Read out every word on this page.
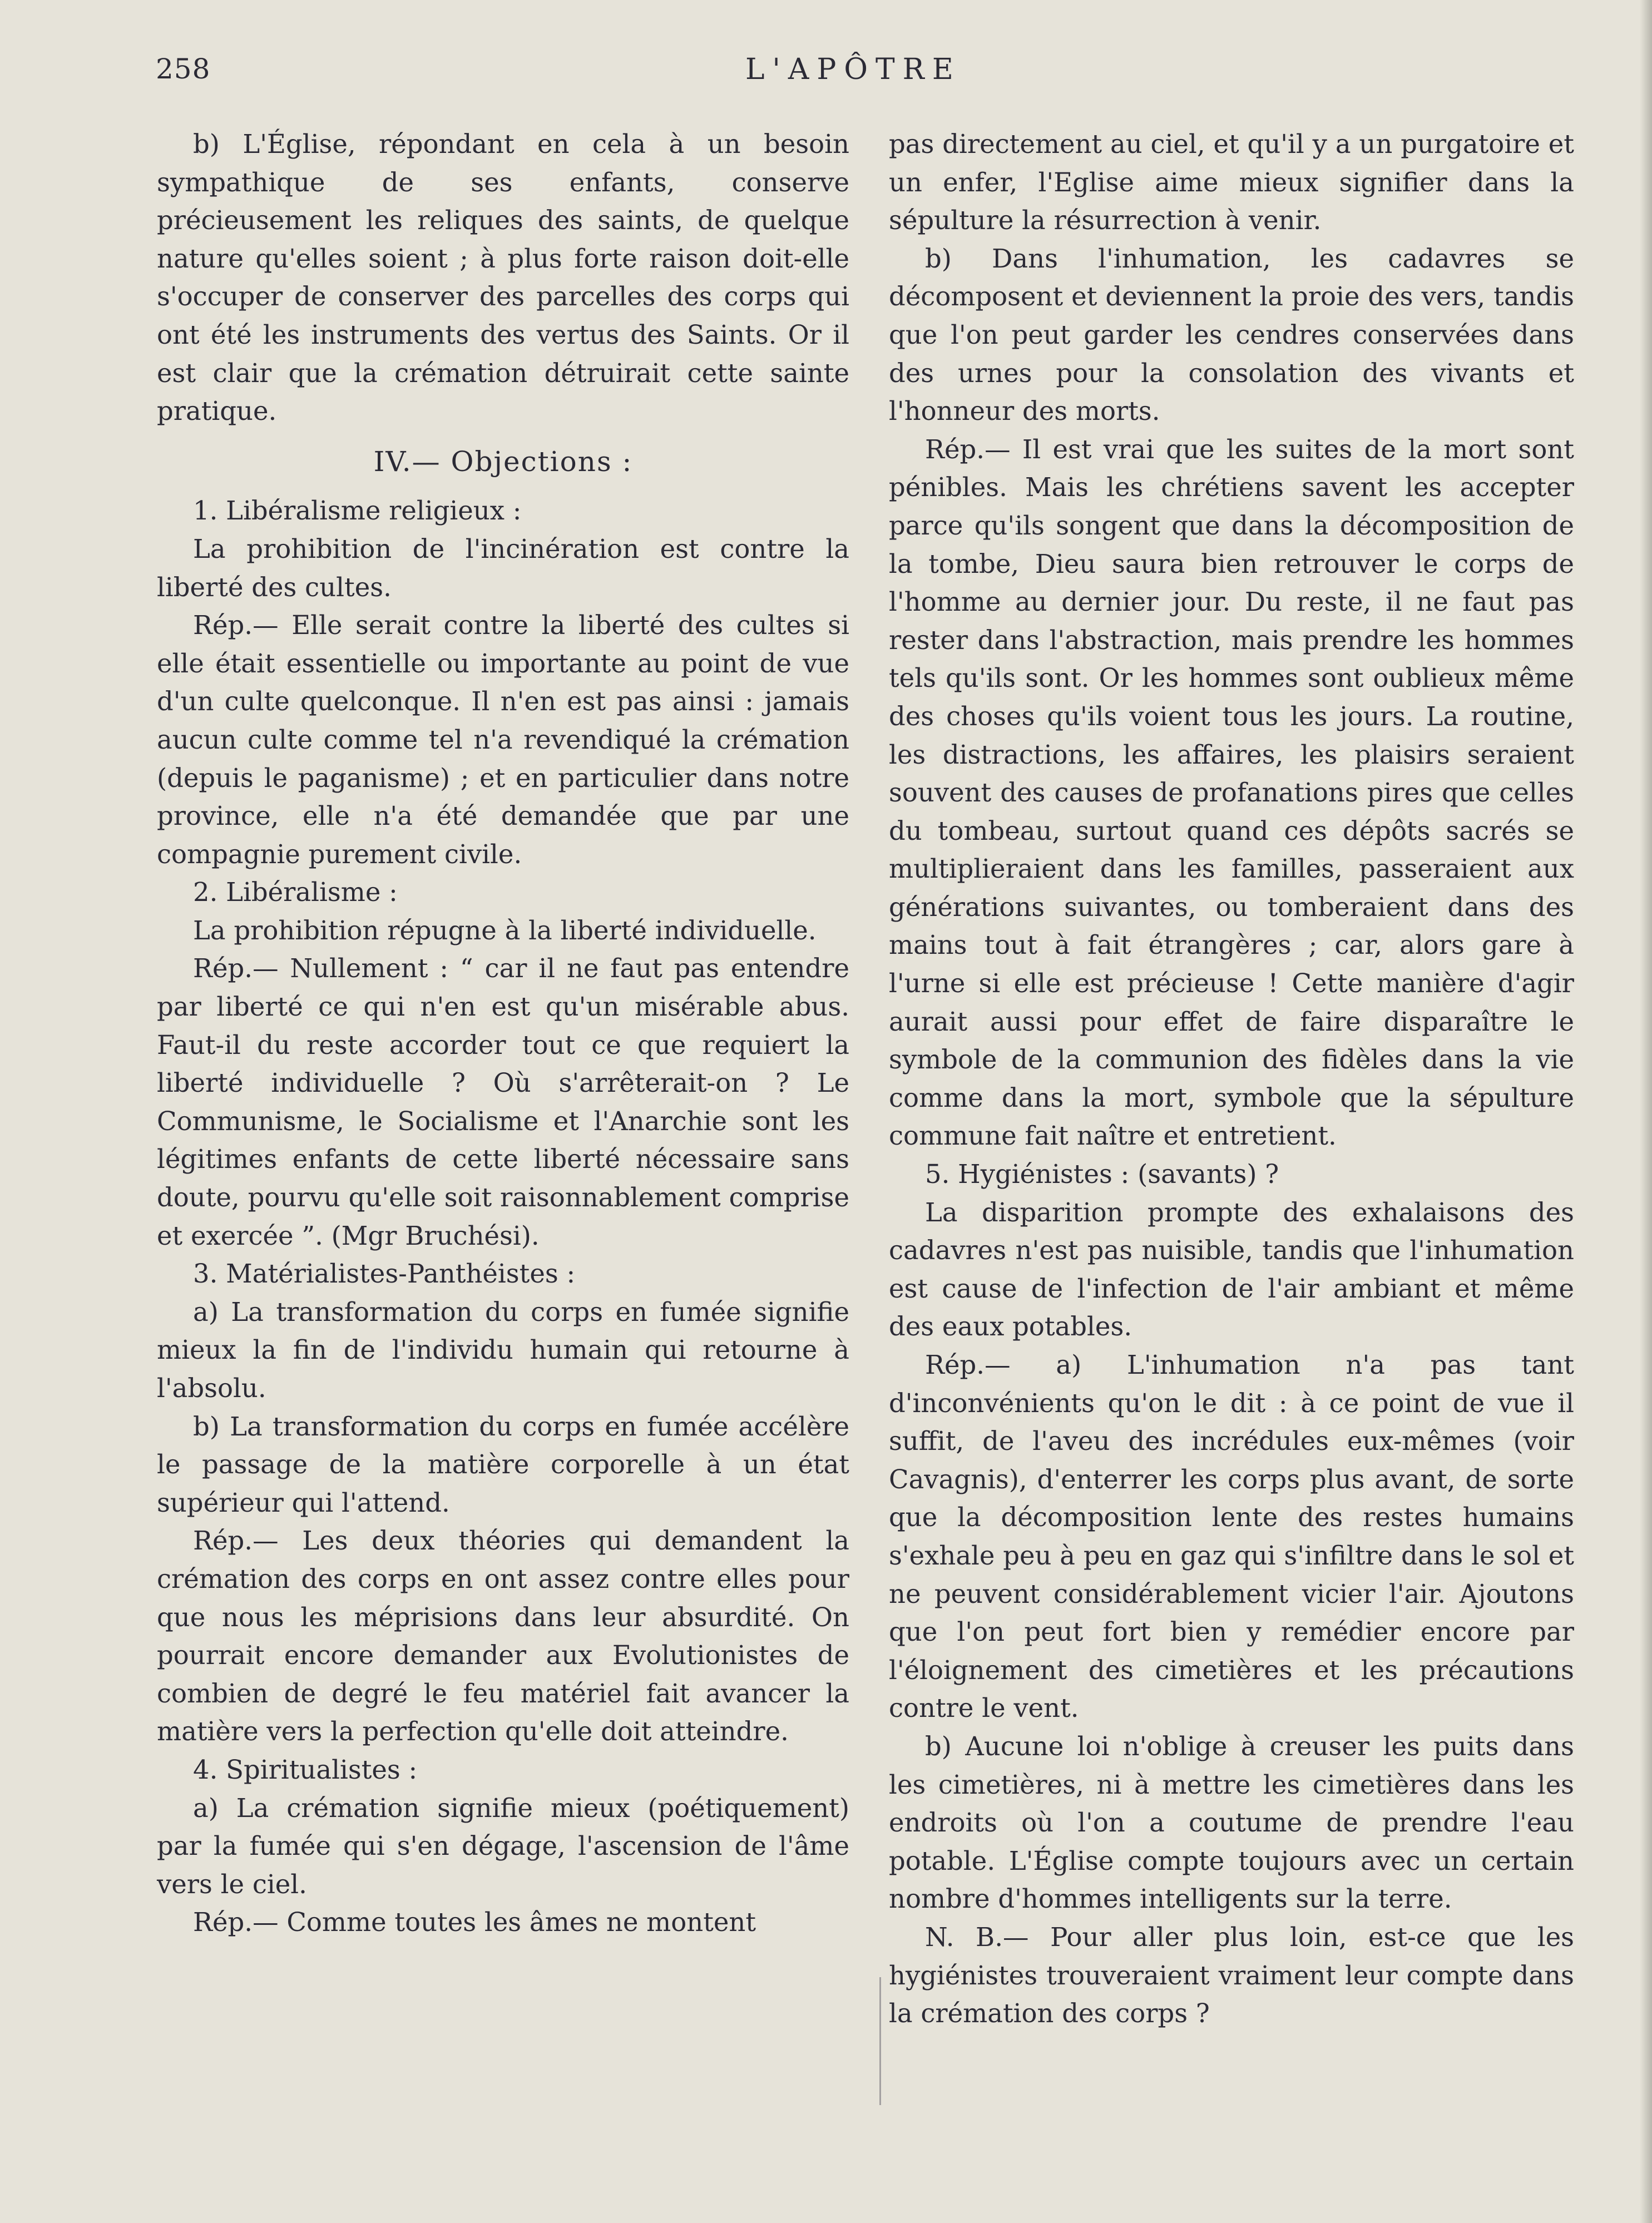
258	L'APÔTRE

b) L'Église, répondant en cela à un besoin sympathique de ses enfants, conserve précieusement les reliques des saints, de quelque nature qu'elles soient ; à plus forte raison doit-elle s'occuper de conserver des parcelles des corps qui ont été les instruments des vertus des Saints. Or il est clair que la crémation détruirait cette sainte pratique.

IV.— Objections :

1. Libéralisme religieux :

La prohibition de l'incinération est contre la liberté des cultes.

Rép.— Elle serait contre la liberté des cultes si elle était essentielle ou importante au point de vue d'un culte quelconque. Il n'en est pas ainsi : jamais aucun culte comme tel n'a revendiqué la crémation (depuis le paganisme) ; et en particulier dans notre province, elle n'a été demandée que par une compagnie purement civile.

2. Libéralisme :

La prohibition répugne à la liberté individuelle.

Rép.— Nullement : “ car il ne faut pas entendre par liberté ce qui n'en est qu'un misérable abus. Faut-il du reste accorder tout ce que requiert la liberté individuelle ? Où s'arrêterait-on ? Le Communisme, le Socialisme et l'Anarchie sont les légitimes enfants de cette liberté nécessaire sans doute, pourvu qu'elle soit raisonnablement comprise et exercée ”. (Mgr Bruchési).

3. Matérialistes-Panthéistes :

a) La transformation du corps en fumée signifie mieux la fin de l'individu humain qui retourne à l'absolu.

b) La transformation du corps en fumée accélère le passage de la matière corporelle à un état supérieur qui l'attend.

Rép.— Les deux théories qui demandent la crémation des corps en ont assez contre elles pour que nous les méprisions dans leur absurdité. On pourrait encore demander aux Evolutionistes de combien de degré le feu matériel fait avancer la matière vers la perfection qu'elle doit atteindre.

4. Spiritualistes :

a) La crémation signifie mieux (poétiquement) par la fumée qui s'en dégage, l'ascension de l'âme vers le ciel.

Rép.— Comme toutes les âmes ne montent

pas directement au ciel, et qu'il y a un purgatoire et un enfer, l'Eglise aime mieux signifier dans la sépulture la résurrection à venir.

b) Dans l'inhumation, les cadavres se décomposent et deviennent la proie des vers, tandis que l'on peut garder les cendres conservées dans des urnes pour la consolation des vivants et l'honneur des morts.

Rép.— Il est vrai que les suites de la mort sont pénibles. Mais les chrétiens savent les accepter parce qu'ils songent que dans la décomposition de la tombe, Dieu saura bien retrouver le corps de l'homme au dernier jour. Du reste, il ne faut pas rester dans l'abstraction, mais prendre les hommes tels qu'ils sont. Or les hommes sont oublieux même des choses qu'ils voient tous les jours. La routine, les distractions, les affaires, les plaisirs seraient souvent des causes de profanations pires que celles du tombeau, surtout quand ces dépôts sacrés se multiplieraient dans les familles, passeraient aux générations suivantes, ou tomberaient dans des mains tout à fait étrangères ; car, alors gare à l'urne si elle est précieuse ! Cette manière d'agir aurait aussi pour effet de faire disparaître le symbole de la communion des fidèles dans la vie comme dans la mort, symbole que la sépulture commune fait naître et entretient.

5. Hygiénistes : (savants) ?

La disparition prompte des exhalaisons des cadavres n'est pas nuisible, tandis que l'inhumation est cause de l'infection de l'air ambiant et même des eaux potables.

Rép.— a) L'inhumation n'a pas tant d'inconvénients qu'on le dit : à ce point de vue il suffit, de l'aveu des incrédules eux-mêmes (voir Cavagnis), d'enterrer les corps plus avant, de sorte que la décomposition lente des restes humains s'exhale peu à peu en gaz qui s'infiltre dans le sol et ne peuvent considérablement vicier l'air. Ajoutons que l'on peut fort bien y remédier encore par l'éloignement des cimetières et les précautions contre le vent.

b) Aucune loi n'oblige à creuser les puits dans les cimetières, ni à mettre les cimetières dans les endroits où l'on a coutume de prendre l'eau potable. L'Église compte toujours avec un certain nombre d'hommes intelligents sur la terre.

N. B.— Pour aller plus loin, est-ce que les hygiénistes trouveraient vraiment leur compte dans la crémation des corps ?
